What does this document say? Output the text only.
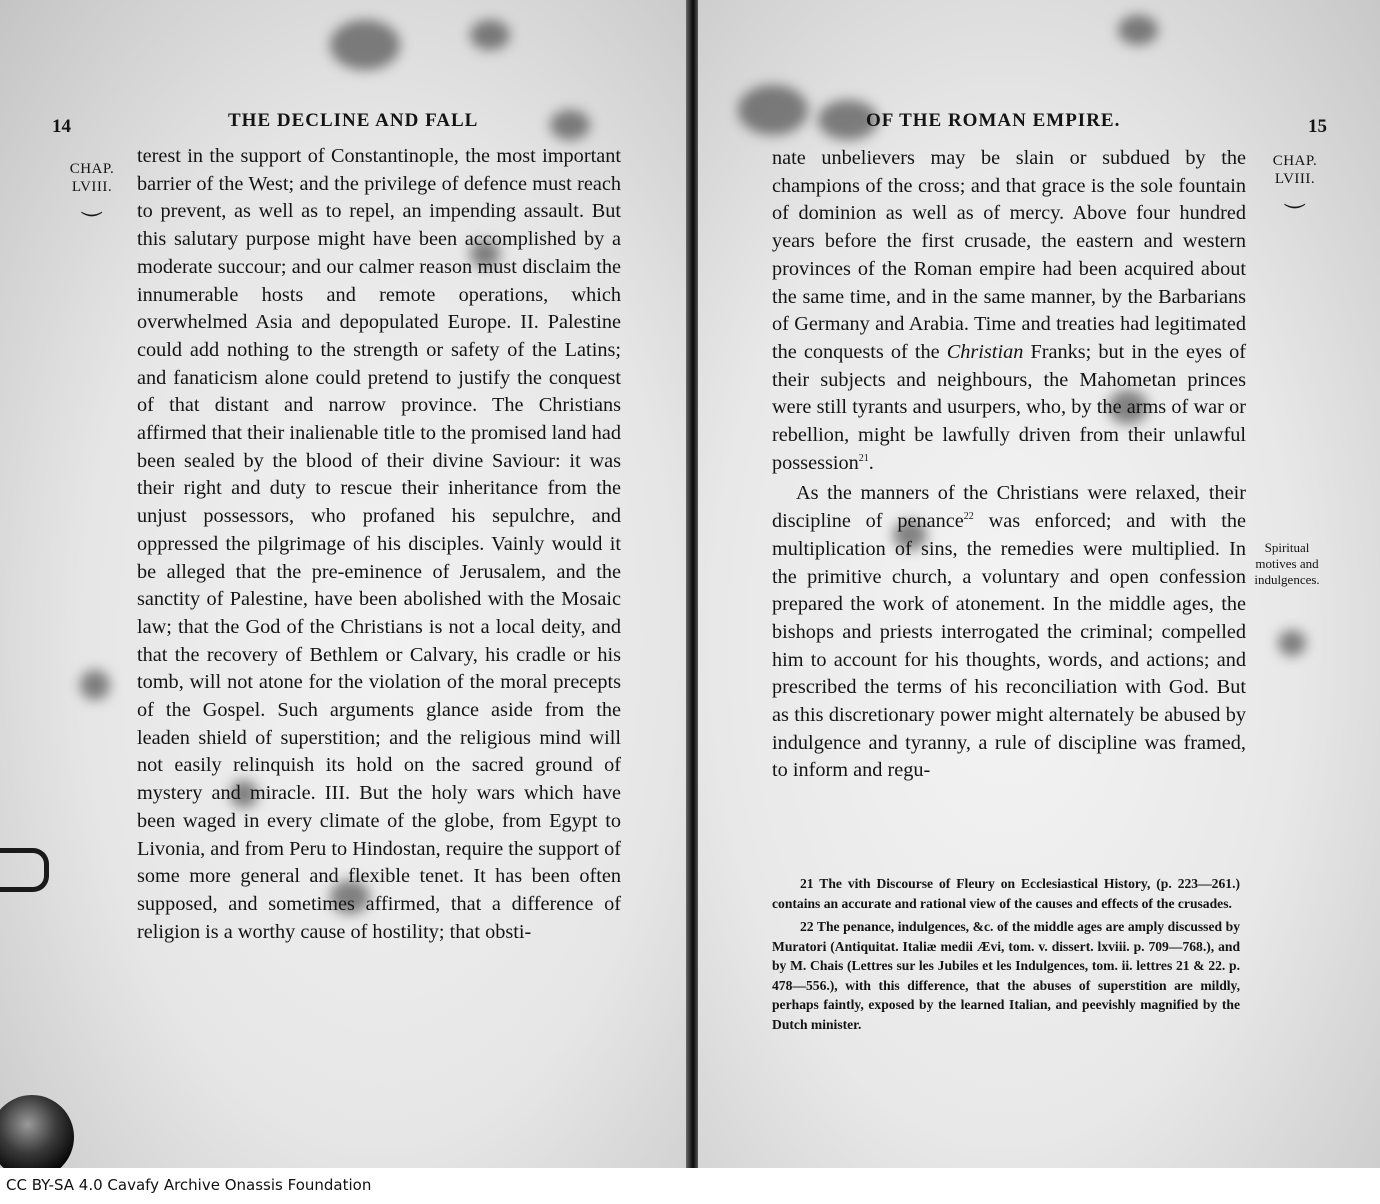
14	THE DECLINE AND FALL
CHAP.
LVIII.
⏝

terest in the support of Constantinople, the most important barrier of the West; and the privilege of defence must reach to prevent, as well as to repel, an impending assault. But this salutary purpose might have been accomplished by a moderate succour; and our calmer reason must disclaim the innumerable hosts and remote operations, which overwhelmed Asia and depopulated Europe. II. Palestine could add nothing to the strength or safety of the Latins; and fanaticism alone could pretend to justify the conquest of that distant and narrow province. The Christians affirmed that their inalienable title to the promised land had been sealed by the blood of their divine Saviour: it was their right and duty to rescue their inheritance from the unjust possessors, who profaned his sepulchre, and oppressed the pilgrimage of his disciples. Vainly would it be alleged that the pre-eminence of Jerusalem, and the sanctity of Palestine, have been abolished with the Mosaic law; that the God of the Christians is not a local deity, and that the recovery of Bethlem or Calvary, his cradle or his tomb, will not atone for the violation of the moral precepts of the Gospel. Such arguments glance aside from the leaden shield of superstition; and the religious mind will not easily relinquish its hold on the sacred ground of mystery and miracle. III. But the holy wars which have been waged in every climate of the globe, from Egypt to Livonia, and from Peru to Hindostan, require the support of some more general and flexible tenet. It has been often supposed, and sometimes affirmed, that a difference of religion is a worthy cause of hostility; that obsti-

OF THE ROMAN EMPIRE.	15
CHAP.
LVIII.
⏝

nate unbelievers may be slain or subdued by the champions of the cross; and that grace is the sole fountain of dominion as well as of mercy. Above four hundred years before the first crusade, the eastern and western provinces of the Roman empire had been acquired about the same time, and in the same manner, by the Barbarians of Germany and Arabia. Time and treaties had legitimated the conquests of the Christian Franks; but in the eyes of their subjects and neighbours, the Mahometan princes were still tyrants and usurpers, who, by the arms of war or rebellion, might be lawfully driven from their unlawful possession$^{21}$.

As the manners of the Christians were relaxed, their discipline of penance$^{22}$ was enforced; and with the multiplication of sins, the remedies were multiplied. In the primitive church, a voluntary and open confession prepared the work of atonement. In the middle ages, the bishops and priests interrogated the criminal; compelled him to account for his thoughts, words, and actions; and prescribed the terms of his reconciliation with God. But as this discretionary power might alternately be abused by indulgence and tyranny, a rule of discipline was framed, to inform and regu-

Spiritual motives and indulgences.

21 The vith Discourse of Fleury on Ecclesiastical History, (p. 223—261.) contains an accurate and rational view of the causes and effects of the crusades.

22 The penance, indulgences, &c. of the middle ages are amply discussed by Muratori (Antiquitat. Italiæ medii Ævi, tom. v. dissert. lxviii. p. 709—768.), and by M. Chais (Lettres sur les Jubiles et les Indulgences, tom. ii. lettres 21 & 22. p. 478—556.), with this difference, that the abuses of superstition are mildly, perhaps faintly, exposed by the learned Italian, and peevishly magnified by the Dutch minister.

CC BY-SA 4.0 Cavafy Archive Onassis Foundation
